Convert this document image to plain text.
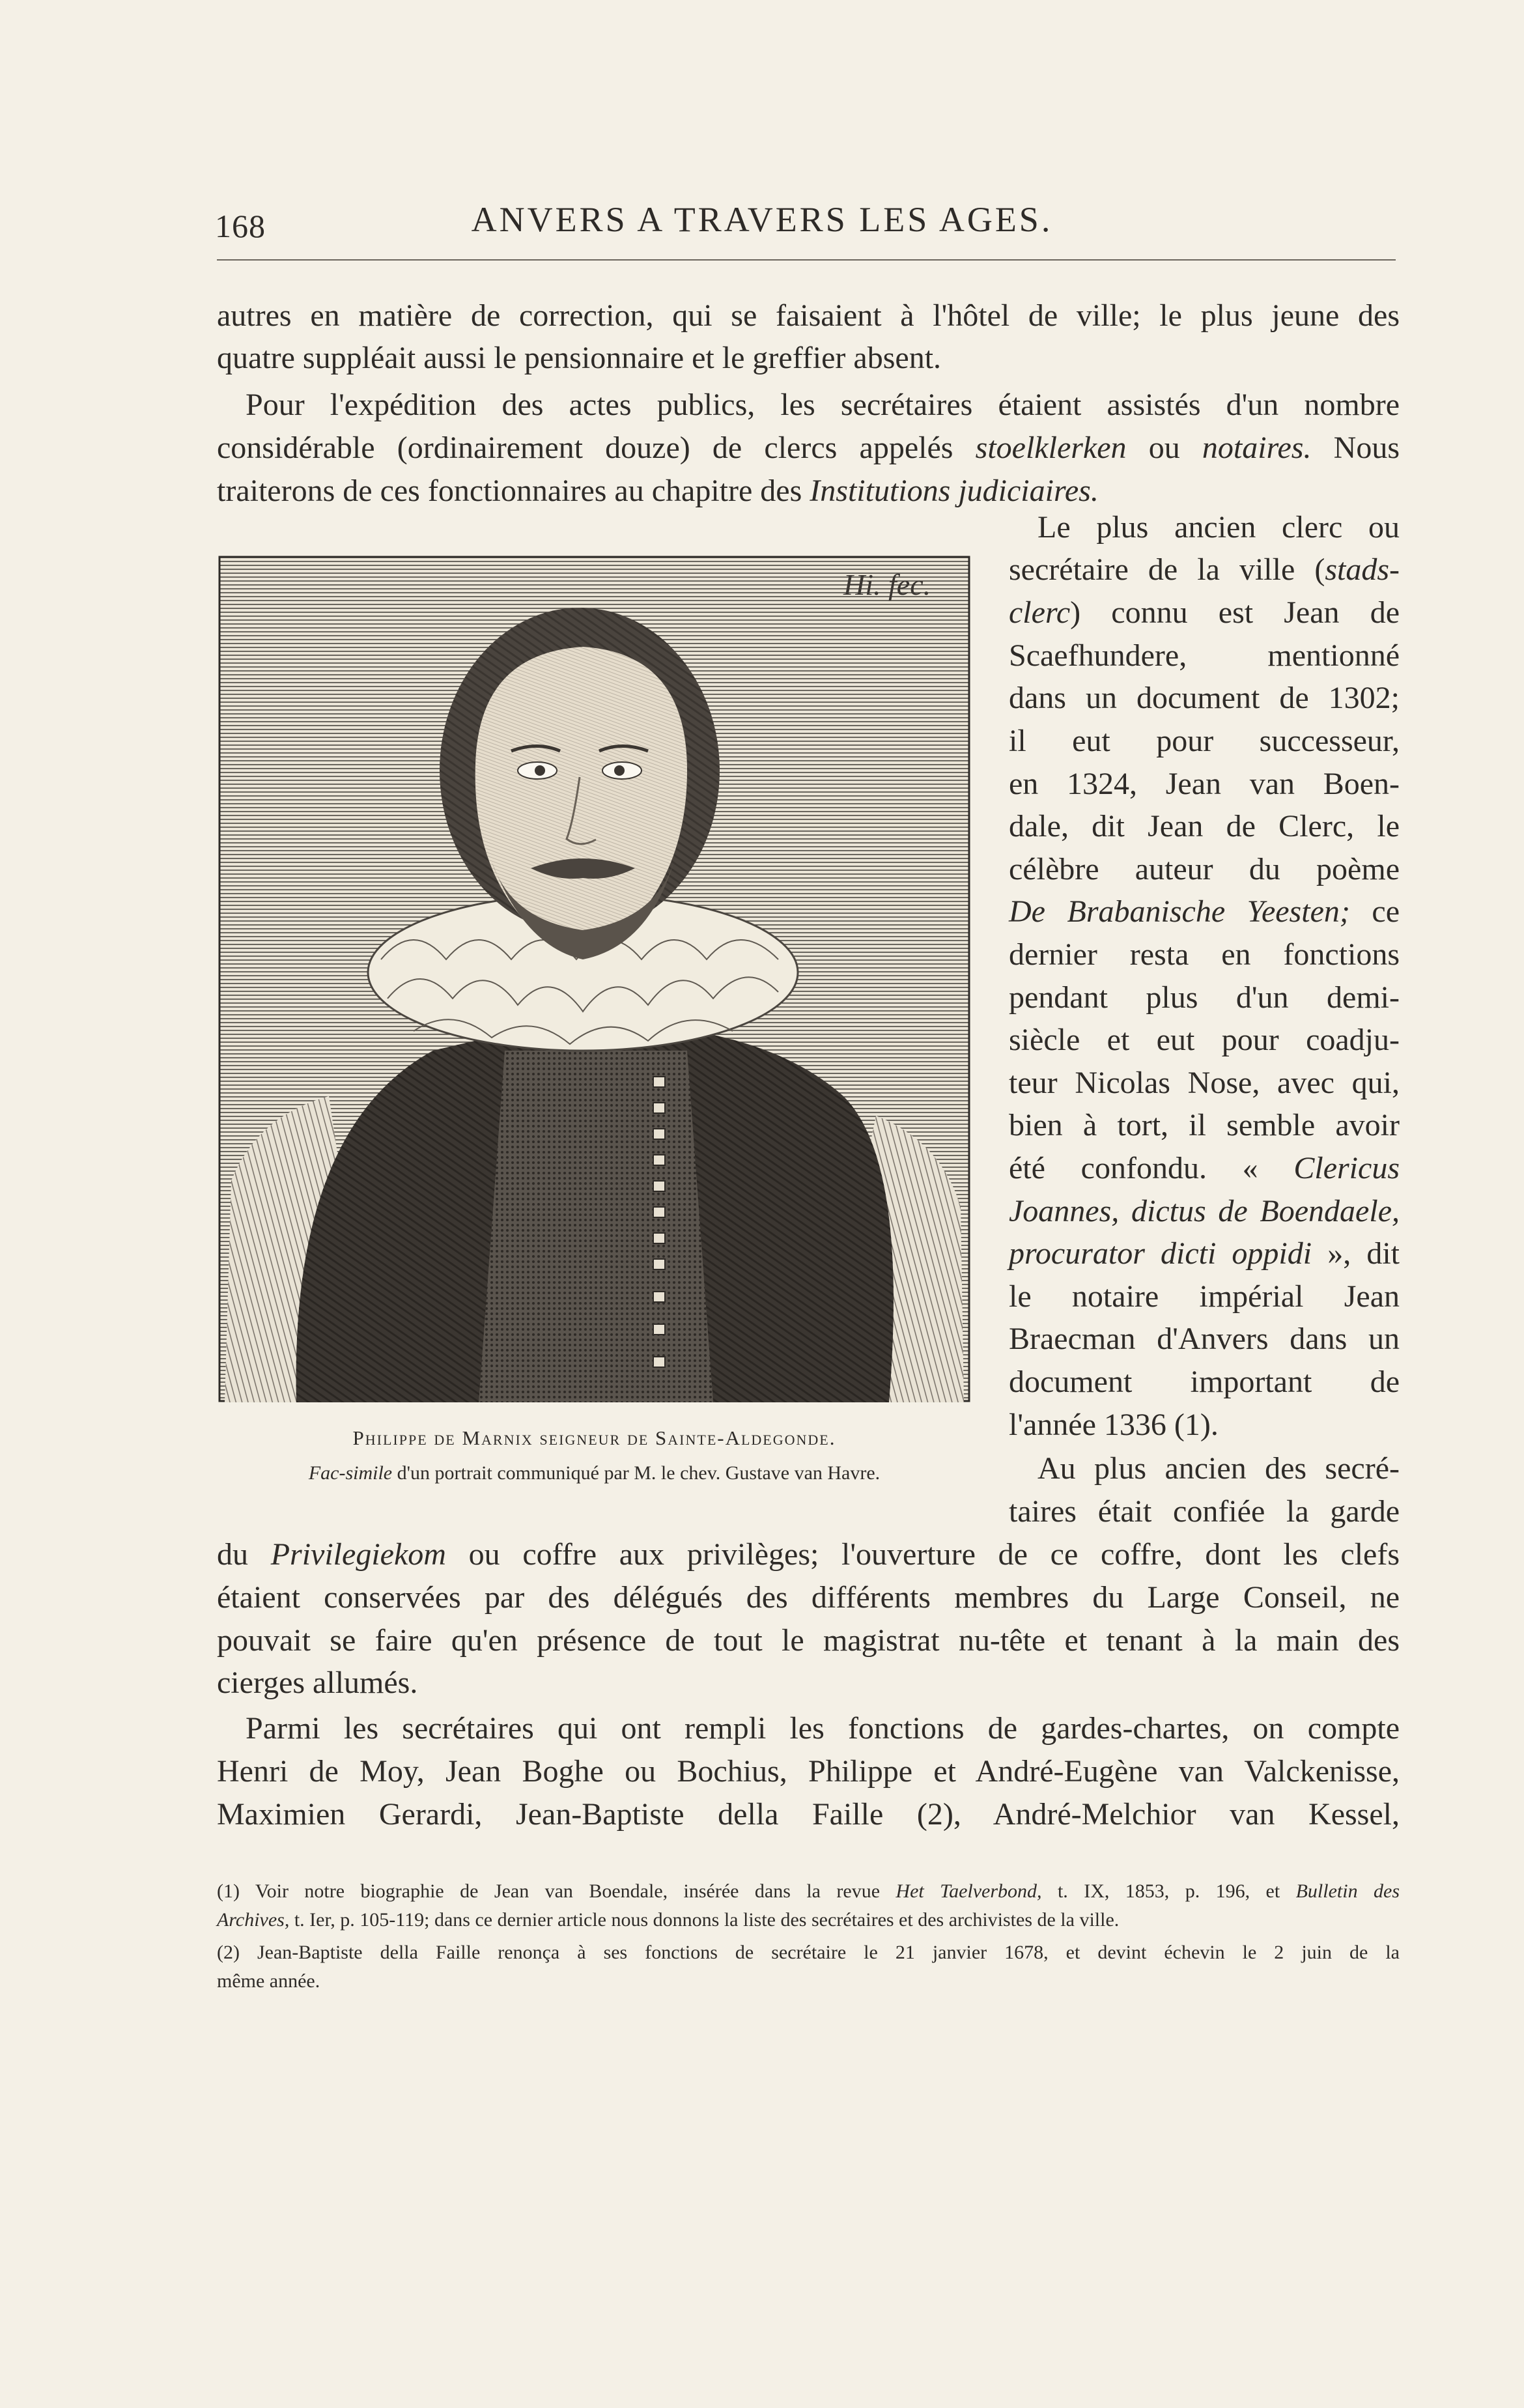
168	ANVERS A TRAVERS LES AGES.
autres en matière de correction, qui se faisaient à l'hôtel de ville; le plus jeune des
quatre suppléait aussi le pensionnaire et le greffier absent.
Pour l'expédition des actes publics, les secrétaires étaient assistés d'un nombre
considérable (ordinairement douze) de clercs appelés stoelklerken ou notaires. Nous
traiterons de ces fonctionnaires au chapitre des Institutions judiciaires.
Le plus ancien clerc ou
secrétaire de la ville (stads-
clerc) connu est Jean de
Scaefhundere, mentionné
dans un document de 1302;
il eut pour successeur,
en 1324, Jean van Boen-
dale, dit Jean de Clerc, le
célèbre auteur du poème
De Brabanische Yeesten; ce
dernier resta en fonctions
pendant plus d'un demi-
siècle et eut pour coadju-
teur Nicolas Nose, avec qui,
bien à tort, il semble avoir
été confondu. « Clericus
Joannes, dictus de Boendaele,
procurator dicti oppidi », dit
le notaire impérial Jean
Braecman d'Anvers dans un
document important de
l'année 1336 (1).
Au plus ancien des secré-
taires était confiée la garde
Hi. fec.
Philippe de Marnix seigneur de Sainte-Aldegonde.
Fac-simile d'un portrait communiqué par M. le chev. Gustave van Havre.
du Privilegiekom ou coffre aux privilèges; l'ouverture de ce coffre, dont les clefs
étaient conservées par des délégués des différents membres du Large Conseil, ne
pouvait se faire qu'en présence de tout le magistrat nu-tête et tenant à la main des
cierges allumés.
Parmi les secrétaires qui ont rempli les fonctions de gardes-chartes, on compte
Henri de Moy, Jean Boghe ou Bochius, Philippe et André-Eugène van Valckenisse,
Maximien Gerardi, Jean-Baptiste della Faille (2), André-Melchior van Kessel,
(1) Voir notre biographie de Jean van Boendale, insérée dans la revue Het Taelverbond, t. IX, 1853, p. 196, et Bulletin des
Archives, t. Ier, p. 105-119; dans ce dernier article nous donnons la liste des secrétaires et des archivistes de la ville.
(2) Jean-Baptiste della Faille renonça à ses fonctions de secrétaire le 21 janvier 1678, et devint échevin le 2 juin de la
même année.
